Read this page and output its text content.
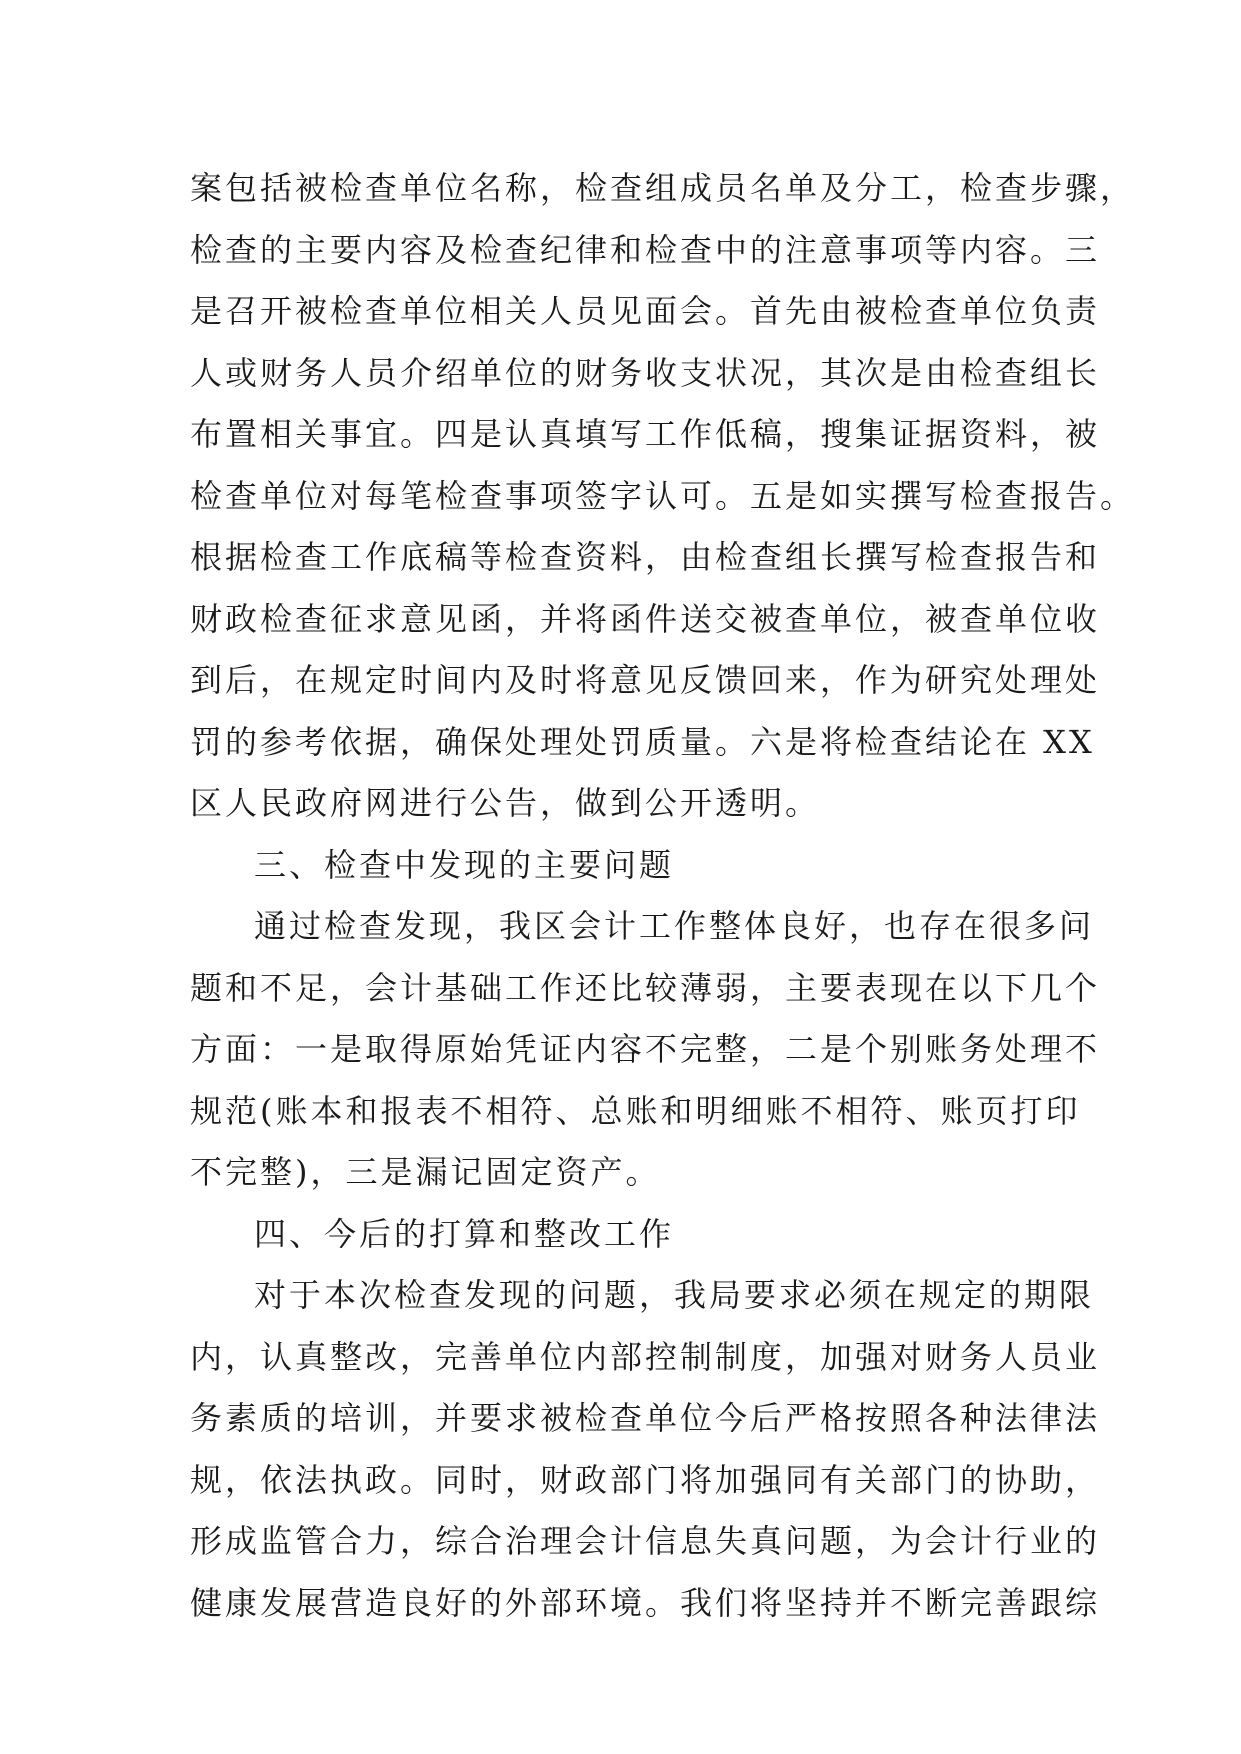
案包括被检查单位名称，检查组成员名单及分工，检查步骤，
检查的主要内容及检查纪律和检查中的注意事项等内容。三
是召开被检查单位相关人员见面会。首先由被检查单位负责
人或财务人员介绍单位的财务收支状况，其次是由检查组长
布置相关事宜。四是认真填写工作低稿，搜集证据资料，被
检查单位对每笔检查事项签字认可。五是如实撰写检查报告。
根据检查工作底稿等检查资料，由检查组长撰写检查报告和
财政检查征求意见函，并将函件送交被查单位，被查单位收
到后，在规定时间内及时将意见反馈回来，作为研究处理处
罚的参考依据，确保处理处罚质量。六是将检查结论在 XX
区人民政府网进行公告，做到公开透明。
三、检查中发现的主要问题
通过检查发现，我区会计工作整体良好，也存在很多问
题和不足，会计基础工作还比较薄弱，主要表现在以下几个
方面：一是取得原始凭证内容不完整，二是个别账务处理不
规范(账本和报表不相符、总账和明细账不相符、账页打印
不完整)，三是漏记固定资产。
四、今后的打算和整改工作
对于本次检查发现的问题，我局要求必须在规定的期限
内，认真整改，完善单位内部控制制度，加强对财务人员业
务素质的培训，并要求被检查单位今后严格按照各种法律法
规，依法执政。同时，财政部门将加强同有关部门的协助，
形成监管合力，综合治理会计信息失真问题，为会计行业的
健康发展营造良好的外部环境。我们将坚持并不断完善跟综
